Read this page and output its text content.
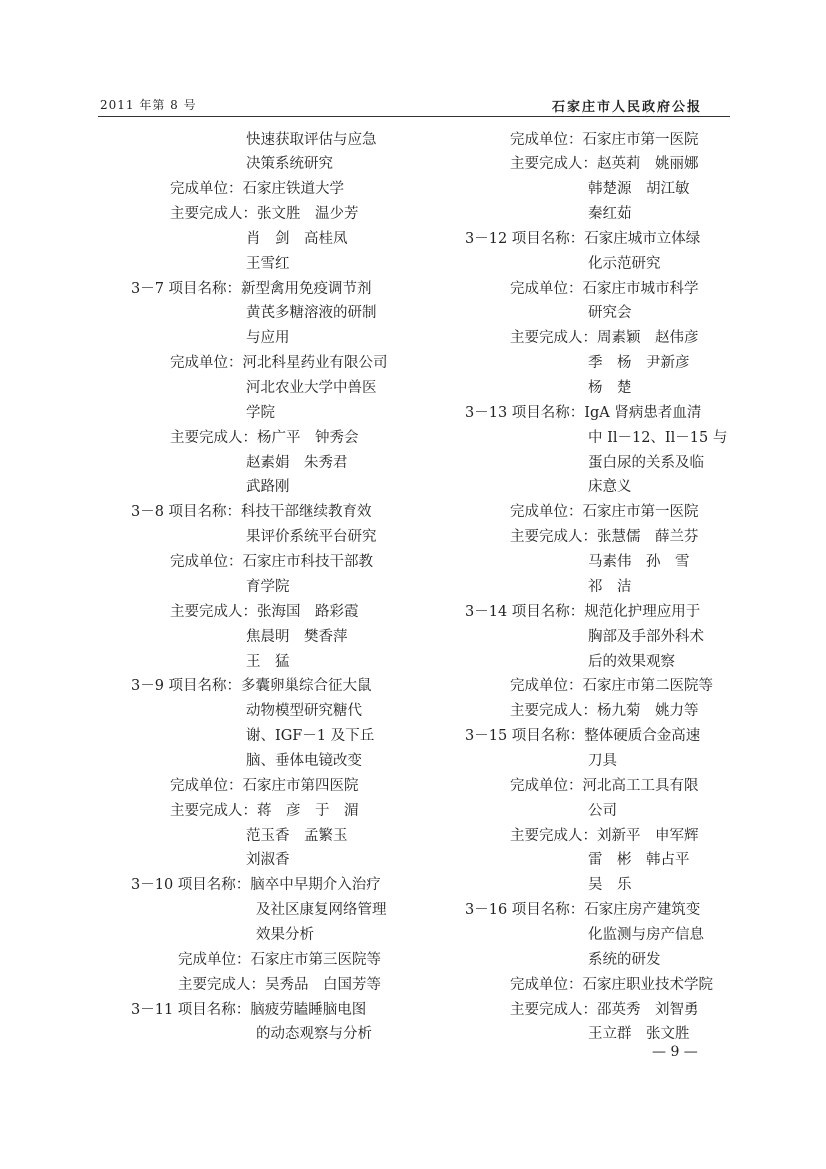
2011 年第 8 号	石家庄市人民政府公报
快速获取评估与应急
决策系统研究
完成单位：石家庄铁道大学
主要完成人：张文胜　温少芳
肖　剑　高桂凤
王雪红
3－7 项目名称：新型禽用免疫调节剂
黄芪多糖溶液的研制
与应用
完成单位：河北科星药业有限公司
河北农业大学中兽医
学院
主要完成人：杨广平　钟秀会
赵素娟　朱秀君
武路刚
3－8 项目名称：科技干部继续教育效
果评价系统平台研究
完成单位：石家庄市科技干部教
育学院
主要完成人：张海国　路彩霞
焦晨明　樊香萍
王　猛
3－9 项目名称：多囊卵巢综合征大鼠
动物模型研究糖代
谢、IGF－1 及下丘
脑、垂体电镜改变
完成单位：石家庄市第四医院
主要完成人：蒋　彦　于　湄
范玉香　孟繁玉
刘淑香
3－10 项目名称：脑卒中早期介入治疗
及社区康复网络管理
效果分析
完成单位：石家庄市第三医院等
主要完成人：吴秀品　白国芳等
3－11 项目名称：脑疲劳瞌睡脑电图
的动态观察与分析
完成单位：石家庄市第一医院
主要完成人：赵英莉　姚丽娜
韩楚源　胡江敏
秦红茹
3－12 项目名称：石家庄城市立体绿
化示范研究
完成单位：石家庄市城市科学
研究会
主要完成人：周素颖　赵伟彦
季　杨　尹新彦
杨　楚
3－13 项目名称：IgA 肾病患者血清
中 Il－12、Il－15 与
蛋白尿的关系及临
床意义
完成单位：石家庄市第一医院
主要完成人：张慧儒　薛兰芬
马素伟　孙　雪
祁　洁
3－14 项目名称：规范化护理应用于
胸部及手部外科术
后的效果观察
完成单位：石家庄市第二医院等
主要完成人：杨九菊　姚力等
3－15 项目名称：整体硬质合金高速
刀具
完成单位：河北高工工具有限
公司
主要完成人：刘新平　申军辉
雷　彬　韩占平
吴　乐
3－16 项目名称：石家庄房产建筑变
化监测与房产信息
系统的研发
完成单位：石家庄职业技术学院
主要完成人：邵英秀　刘智勇
王立群　张文胜
— 9 —
